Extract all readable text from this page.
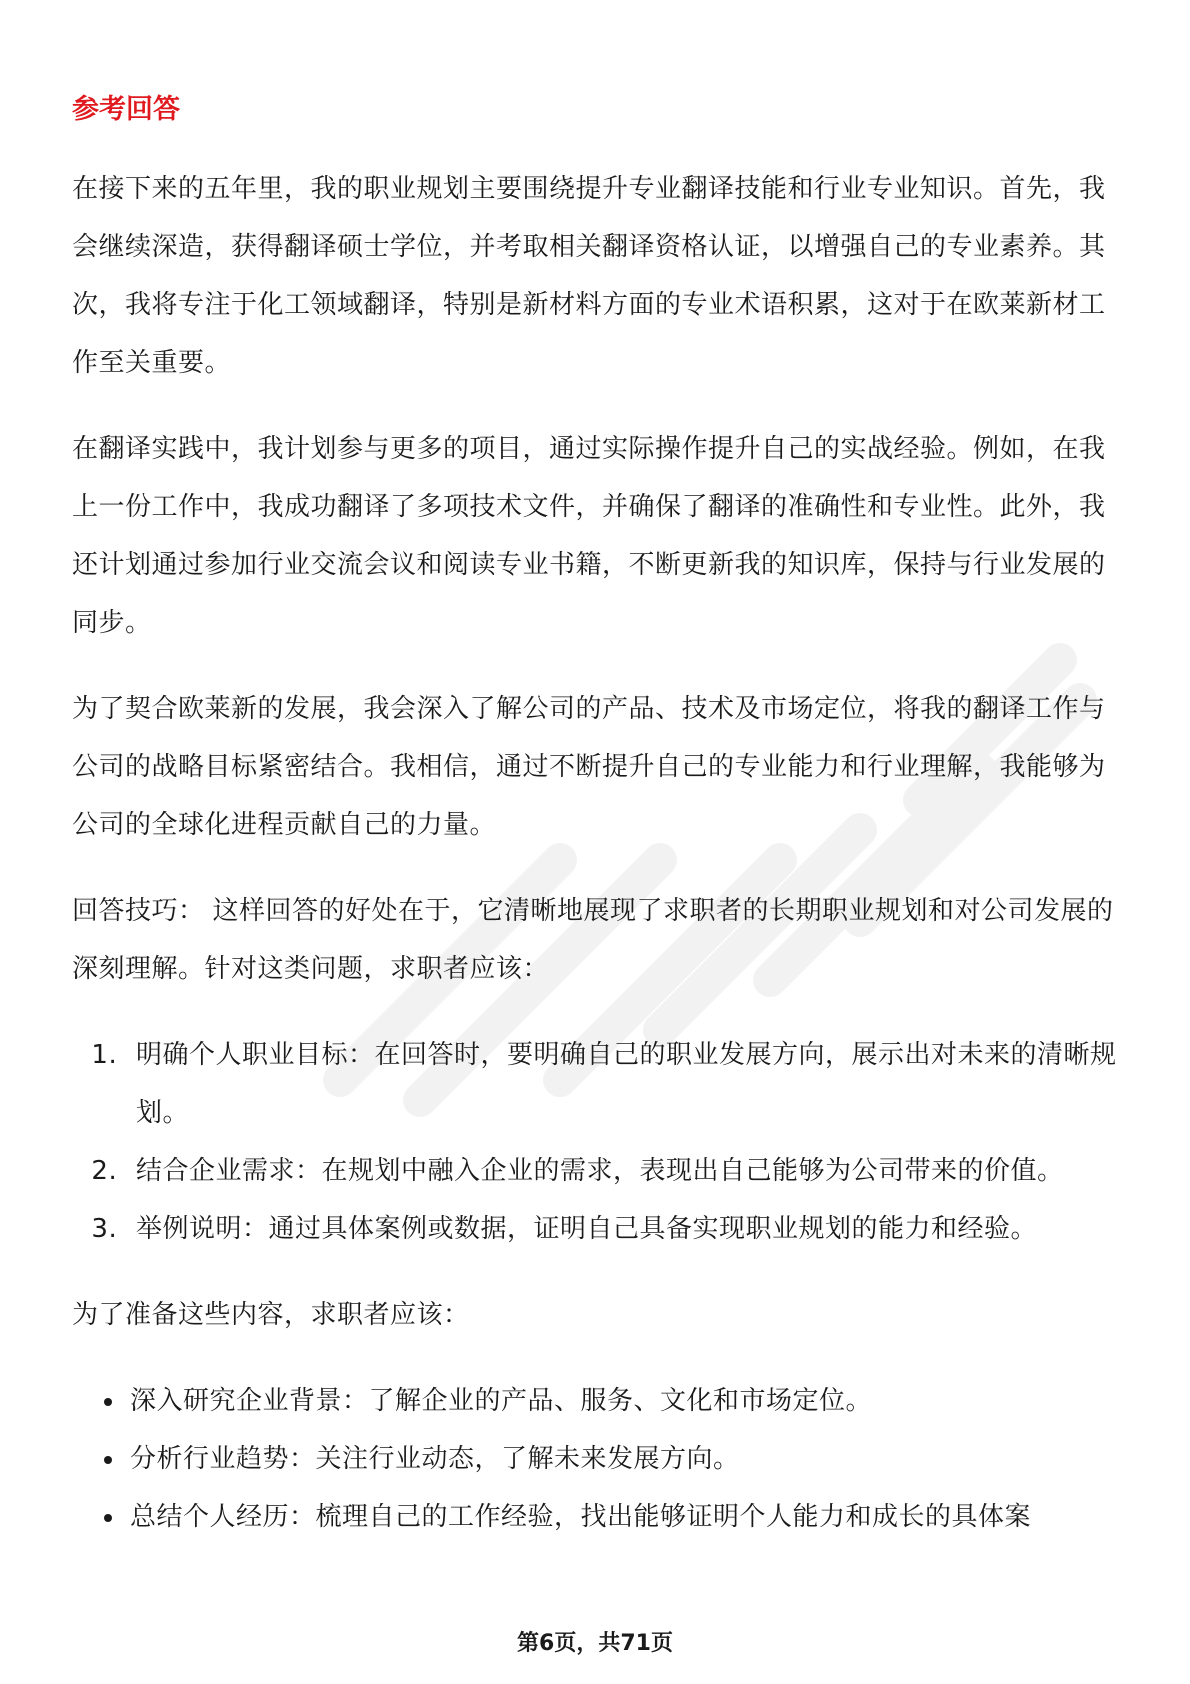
参考回答

在接下来的五年里，我的职业规划主要围绕提升专业翻译技能和行业专业知识。首先，我会继续深造，获得翻译硕士学位，并考取相关翻译资格认证，以增强自己的专业素养。其次，我将专注于化工领域翻译，特别是新材料方面的专业术语积累，这对于在欧莱新材工作至关重要。

在翻译实践中，我计划参与更多的项目，通过实际操作提升自己的实战经验。例如，在我上一份工作中，我成功翻译了多项技术文件，并确保了翻译的准确性和专业性。此外，我还计划通过参加行业交流会议和阅读专业书籍，不断更新我的知识库，保持与行业发展的同步。

为了契合欧莱新的发展，我会深入了解公司的产品、技术及市场定位，将我的翻译工作与公司的战略目标紧密结合。我相信，通过不断提升自己的专业能力和行业理解，我能够为公司的全球化进程贡献自己的力量。

回答技巧： 这样回答的好处在于，它清晰地展现了求职者的长期职业规划和对公司发展的深刻理解。针对这类问题，求职者应该：

1. 明确个人职业目标：在回答时，要明确自己的职业发展方向，展示出对未来的清晰规划。
2. 结合企业需求：在规划中融入企业的需求，表现出自己能够为公司带来的价值。
3. 举例说明：通过具体案例或数据，证明自己具备实现职业规划的能力和经验。

为了准备这些内容，求职者应该：

• 深入研究企业背景：了解企业的产品、服务、文化和市场定位。
• 分析行业趋势：关注行业动态，了解未来发展方向。
• 总结个人经历：梳理自己的工作经验，找出能够证明个人能力和成长的具体案
第6页，共71页
